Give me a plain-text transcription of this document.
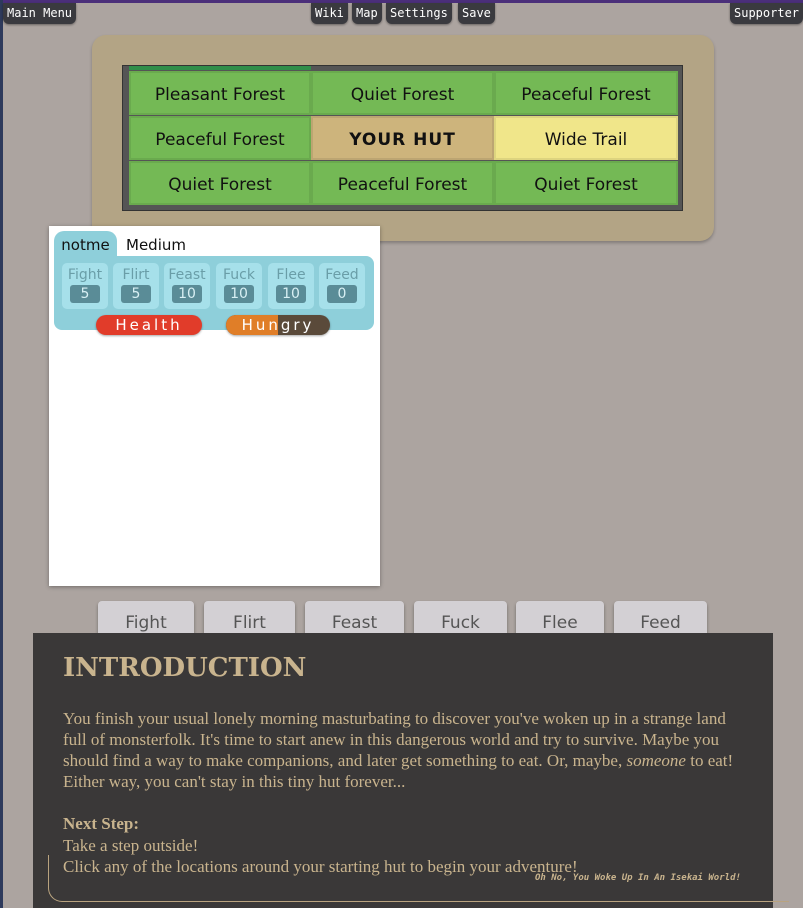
Main Menu	Wiki	Map	Settings	Save	Supporter
Pleasant Forest	Quiet Forest	Peaceful Forest
Peaceful Forest	YOUR HUT	Wide Trail
Quiet Forest	Peaceful Forest	Quiet Forest
notme	Medium
Fight
5
Flirt
5
Feast
10
Fuck
10
Flee
10
Feed
0
Health	Hungry
Fight	Flirt	Feast	Fuck	Flee	Feed
INTRODUCTION
You finish your usual lonely morning masturbating to discover you've woken up in a strange land full of monsterfolk. It's time to start anew in this dangerous world and try to survive. Maybe you should find a way to make companions, and later get something to eat. Or, maybe, someone to eat! Either way, you can't stay in this tiny hut forever...
Next Step:
Take a step outside!
Click any of the locations around your starting hut to begin your adventure!
Oh No, You Woke Up In An Isekai World!
